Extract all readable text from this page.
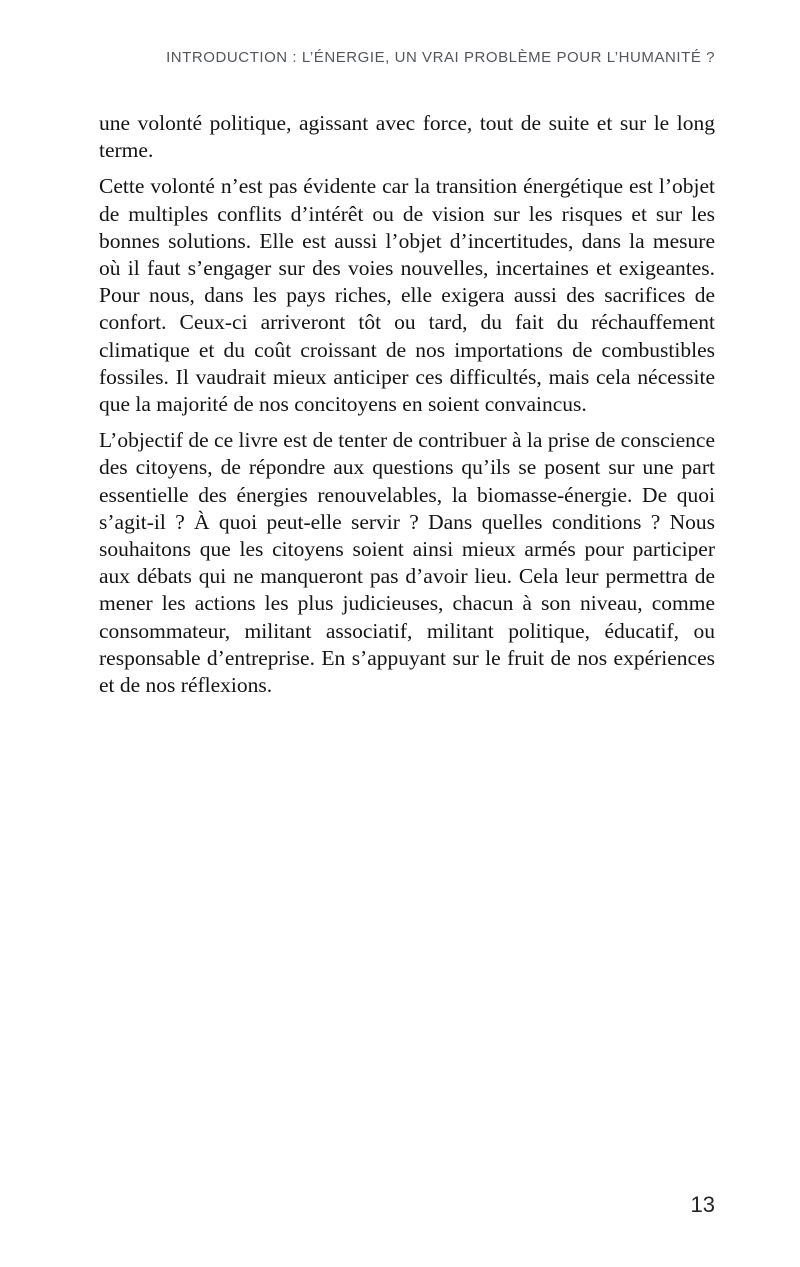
INTRODUCTION : L’ÉNERGIE, UN VRAI PROBLÈME POUR L’HUMANITÉ ?

une volonté politique, agissant avec force, tout de suite et sur le long terme.

Cette volonté n’est pas évidente car la transition énergétique est l’objet de multiples conflits d’intérêt ou de vision sur les risques et sur les bonnes solutions. Elle est aussi l’objet d’incertitudes, dans la mesure où il faut s’engager sur des voies nouvelles, incertaines et exigeantes. Pour nous, dans les pays riches, elle exigera aussi des sacrifices de confort. Ceux-ci arriveront tôt ou tard, du fait du réchauffement climatique et du coût croissant de nos importations de combustibles fossiles. Il vaudrait mieux anticiper ces difficultés, mais cela nécessite que la majorité de nos concitoyens en soient convaincus.

L’objectif de ce livre est de tenter de contribuer à la prise de conscience des citoyens, de répondre aux questions qu’ils se posent sur une part essentielle des énergies renouvelables, la biomasse-énergie. De quoi s’agit-il ? À quoi peut-elle servir ? Dans quelles conditions ? Nous souhaitons que les citoyens soient ainsi mieux armés pour participer aux débats qui ne manqueront pas d’avoir lieu. Cela leur permettra de mener les actions les plus judicieuses, chacun à son niveau, comme consommateur, militant associatif, militant politique, éducatif, ou responsable d’entreprise. En s’appuyant sur le fruit de nos expériences et de nos réflexions.

13
